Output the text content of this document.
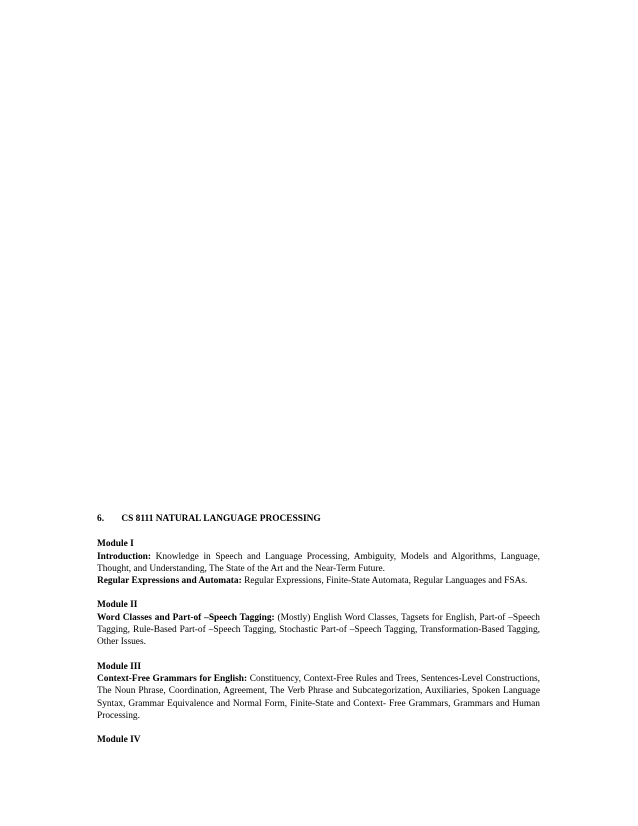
6. CS 8111 NATURAL LANGUAGE PROCESSING
Module I

Introduction: Knowledge in Speech and Language Processing, Ambiguity, Models and Algorithms, Language, Thought, and Understanding, The State of the Art and the Near-Term Future.

Regular Expressions and Automata: Regular Expressions, Finite-State Automata, Regular Languages and FSAs.

Module II

Word Classes and Part-of –Speech Tagging: (Mostly) English Word Classes, Tagsets for English, Part-of –Speech Tagging, Rule-Based Part-of –Speech Tagging, Stochastic Part-of –Speech Tagging, Transformation-Based Tagging, Other Issues.

Module III

Context-Free Grammars for English: Constituency, Context-Free Rules and Trees, Sentences-Level Constructions, The Noun Phrase, Coordination, Agreement, The Verb Phrase and Subcategorization, Auxiliaries, Spoken Language Syntax, Grammar Equivalence and Normal Form, Finite-State and Context- Free Grammars, Grammars and Human Processing.

Module IV
